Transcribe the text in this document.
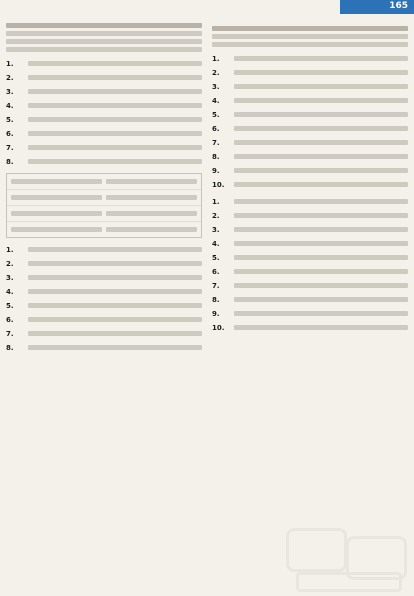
165
1.
2.
3.
4.
5.
6.
7.
8.
1.
2.
3.
4.
5.
6.
7.
8.
1.
2.
3.
4.
5.
6.
7.
8.
9.
10.
1.
2.
3.
4.
5.
6.
7.
8.
9.
10.
